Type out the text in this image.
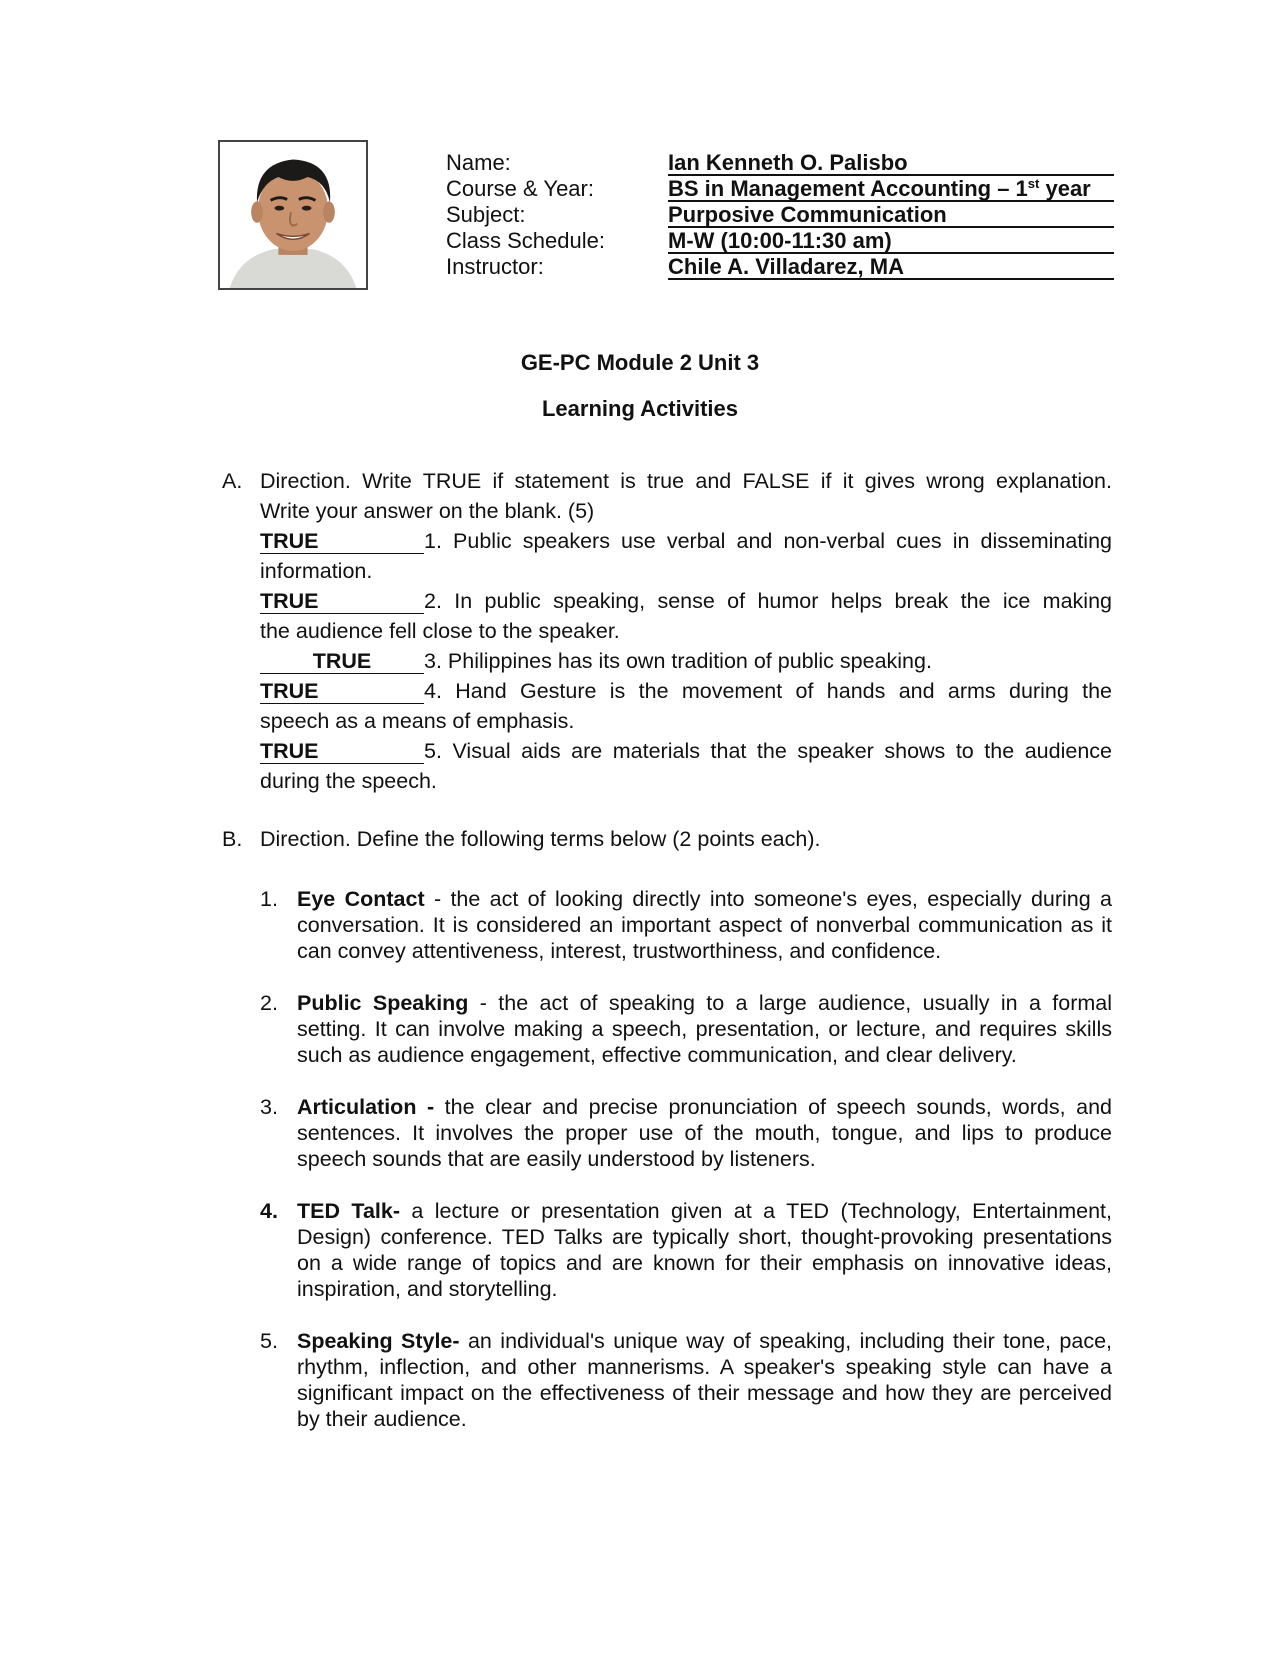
Name:	Ian Kenneth O. Palisbo
Course & Year:	BS in Management Accounting – 1st year
Subject:	Purposive Communication
Class Schedule:	M-W (10:00-11:30 am)
Instructor:	Chile A. Villadarez, MA
GE-PC Module 2 Unit 3
Learning Activities
A. Direction. Write TRUE if statement is true and FALSE if it gives wrong explanation.
Write your answer on the blank. (5)
TRUE	1. Public speakers use verbal and non-verbal cues in disseminating
information.
TRUE	2. In public speaking, sense of humor helps break the ice making
the audience fell close to the speaker.
TRUE 3. Philippines has its own tradition of public speaking.
TRUE	4. Hand Gesture is the movement of hands and arms during the
speech as a means of emphasis.
TRUE	5. Visual aids are materials that the speaker shows to the audience
during the speech.
B. Direction. Define the following terms below (2 points each).
1. Eye Contact - the act of looking directly into someone's eyes, especially during a conversation. It is considered an important aspect of nonverbal communication as it can convey attentiveness, interest, trustworthiness, and confidence.
2. Public Speaking - the act of speaking to a large audience, usually in a formal setting. It can involve making a speech, presentation, or lecture, and requires skills such as audience engagement, effective communication, and clear delivery.
3. Articulation - the clear and precise pronunciation of speech sounds, words, and sentences. It involves the proper use of the mouth, tongue, and lips to produce speech sounds that are easily understood by listeners.
4. TED Talk- a lecture or presentation given at a TED (Technology, Entertainment, Design) conference. TED Talks are typically short, thought-provoking presentations on a wide range of topics and are known for their emphasis on innovative ideas, inspiration, and storytelling.
5. Speaking Style- an individual's unique way of speaking, including their tone, pace, rhythm, inflection, and other mannerisms. A speaker's speaking style can have a significant impact on the effectiveness of their message and how they are perceived by their audience.
